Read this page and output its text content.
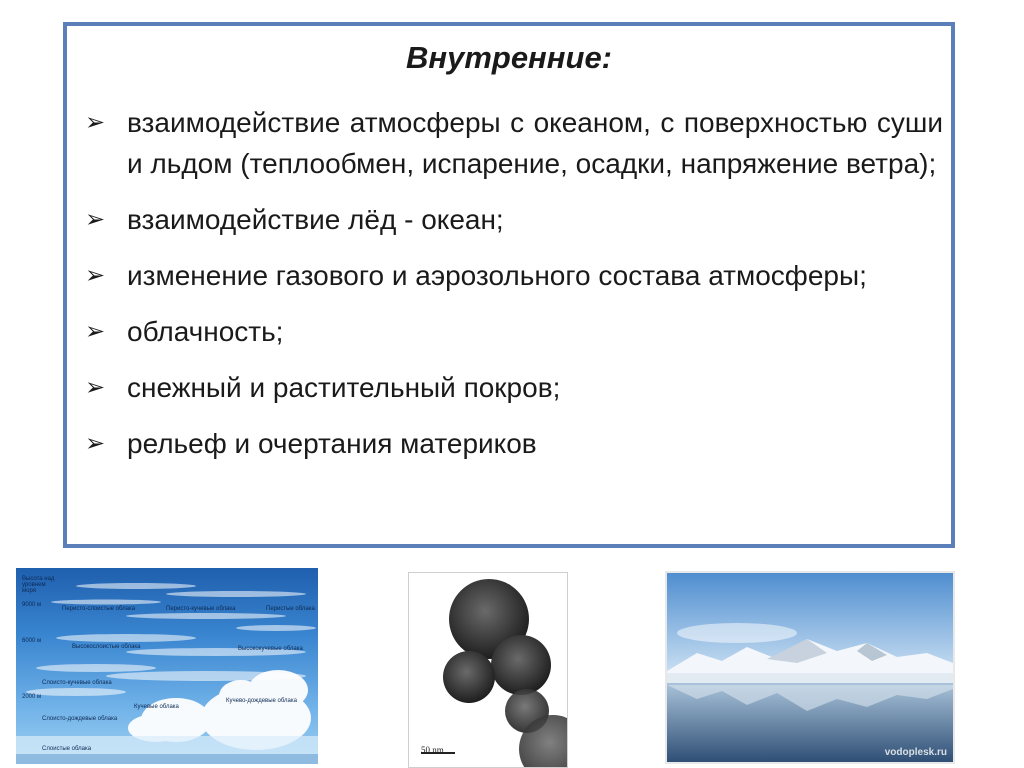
Внутренние:
➢ взаимодействие атмосферы с океаном, с поверхностью суши и льдом (теплообмен, испарение, осадки, напряжение ветра);
➢ взаимодействие лёд - океан;
➢ изменение газового и аэрозольного состава атмосферы;
➢ облачность;
➢ снежный и растительный покров;
➢ рельеф и очертания материков
Высота над уровнем моря
9000 м
6000 м
2000 м
Перисто-слоистые облака	Перисто-кучевые облака	Перистые облака
Высокослоистые облака	Высококучевые облака
Слоисто-кучевые облака
Слоисто-дождевые облака
Кучевые облака
Кучево-дождевые облака
Слоистые облака	50 nm	vodoplesk.ru
